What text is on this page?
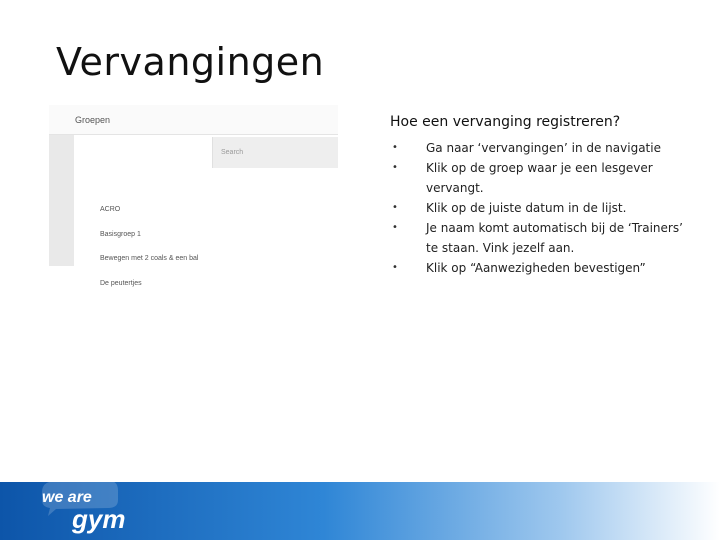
Vervangingen
Groepen
Search
ACRO
Basisgroep 1
Bewegen met 2 coals & een bal
De peutertjes
Hoe een vervanging registreren?
• Ga naar ‘vervangingen’ in de navigatie
• Klik op de groep waar je een lesgever vervangt.
• Klik op de juiste datum in de lijst.
• Je naam komt automatisch bij de ‘Trainers’ te staan. Vink jezelf aan.
• Klik op “Aanwezigheden bevestigen”
we are
gym
